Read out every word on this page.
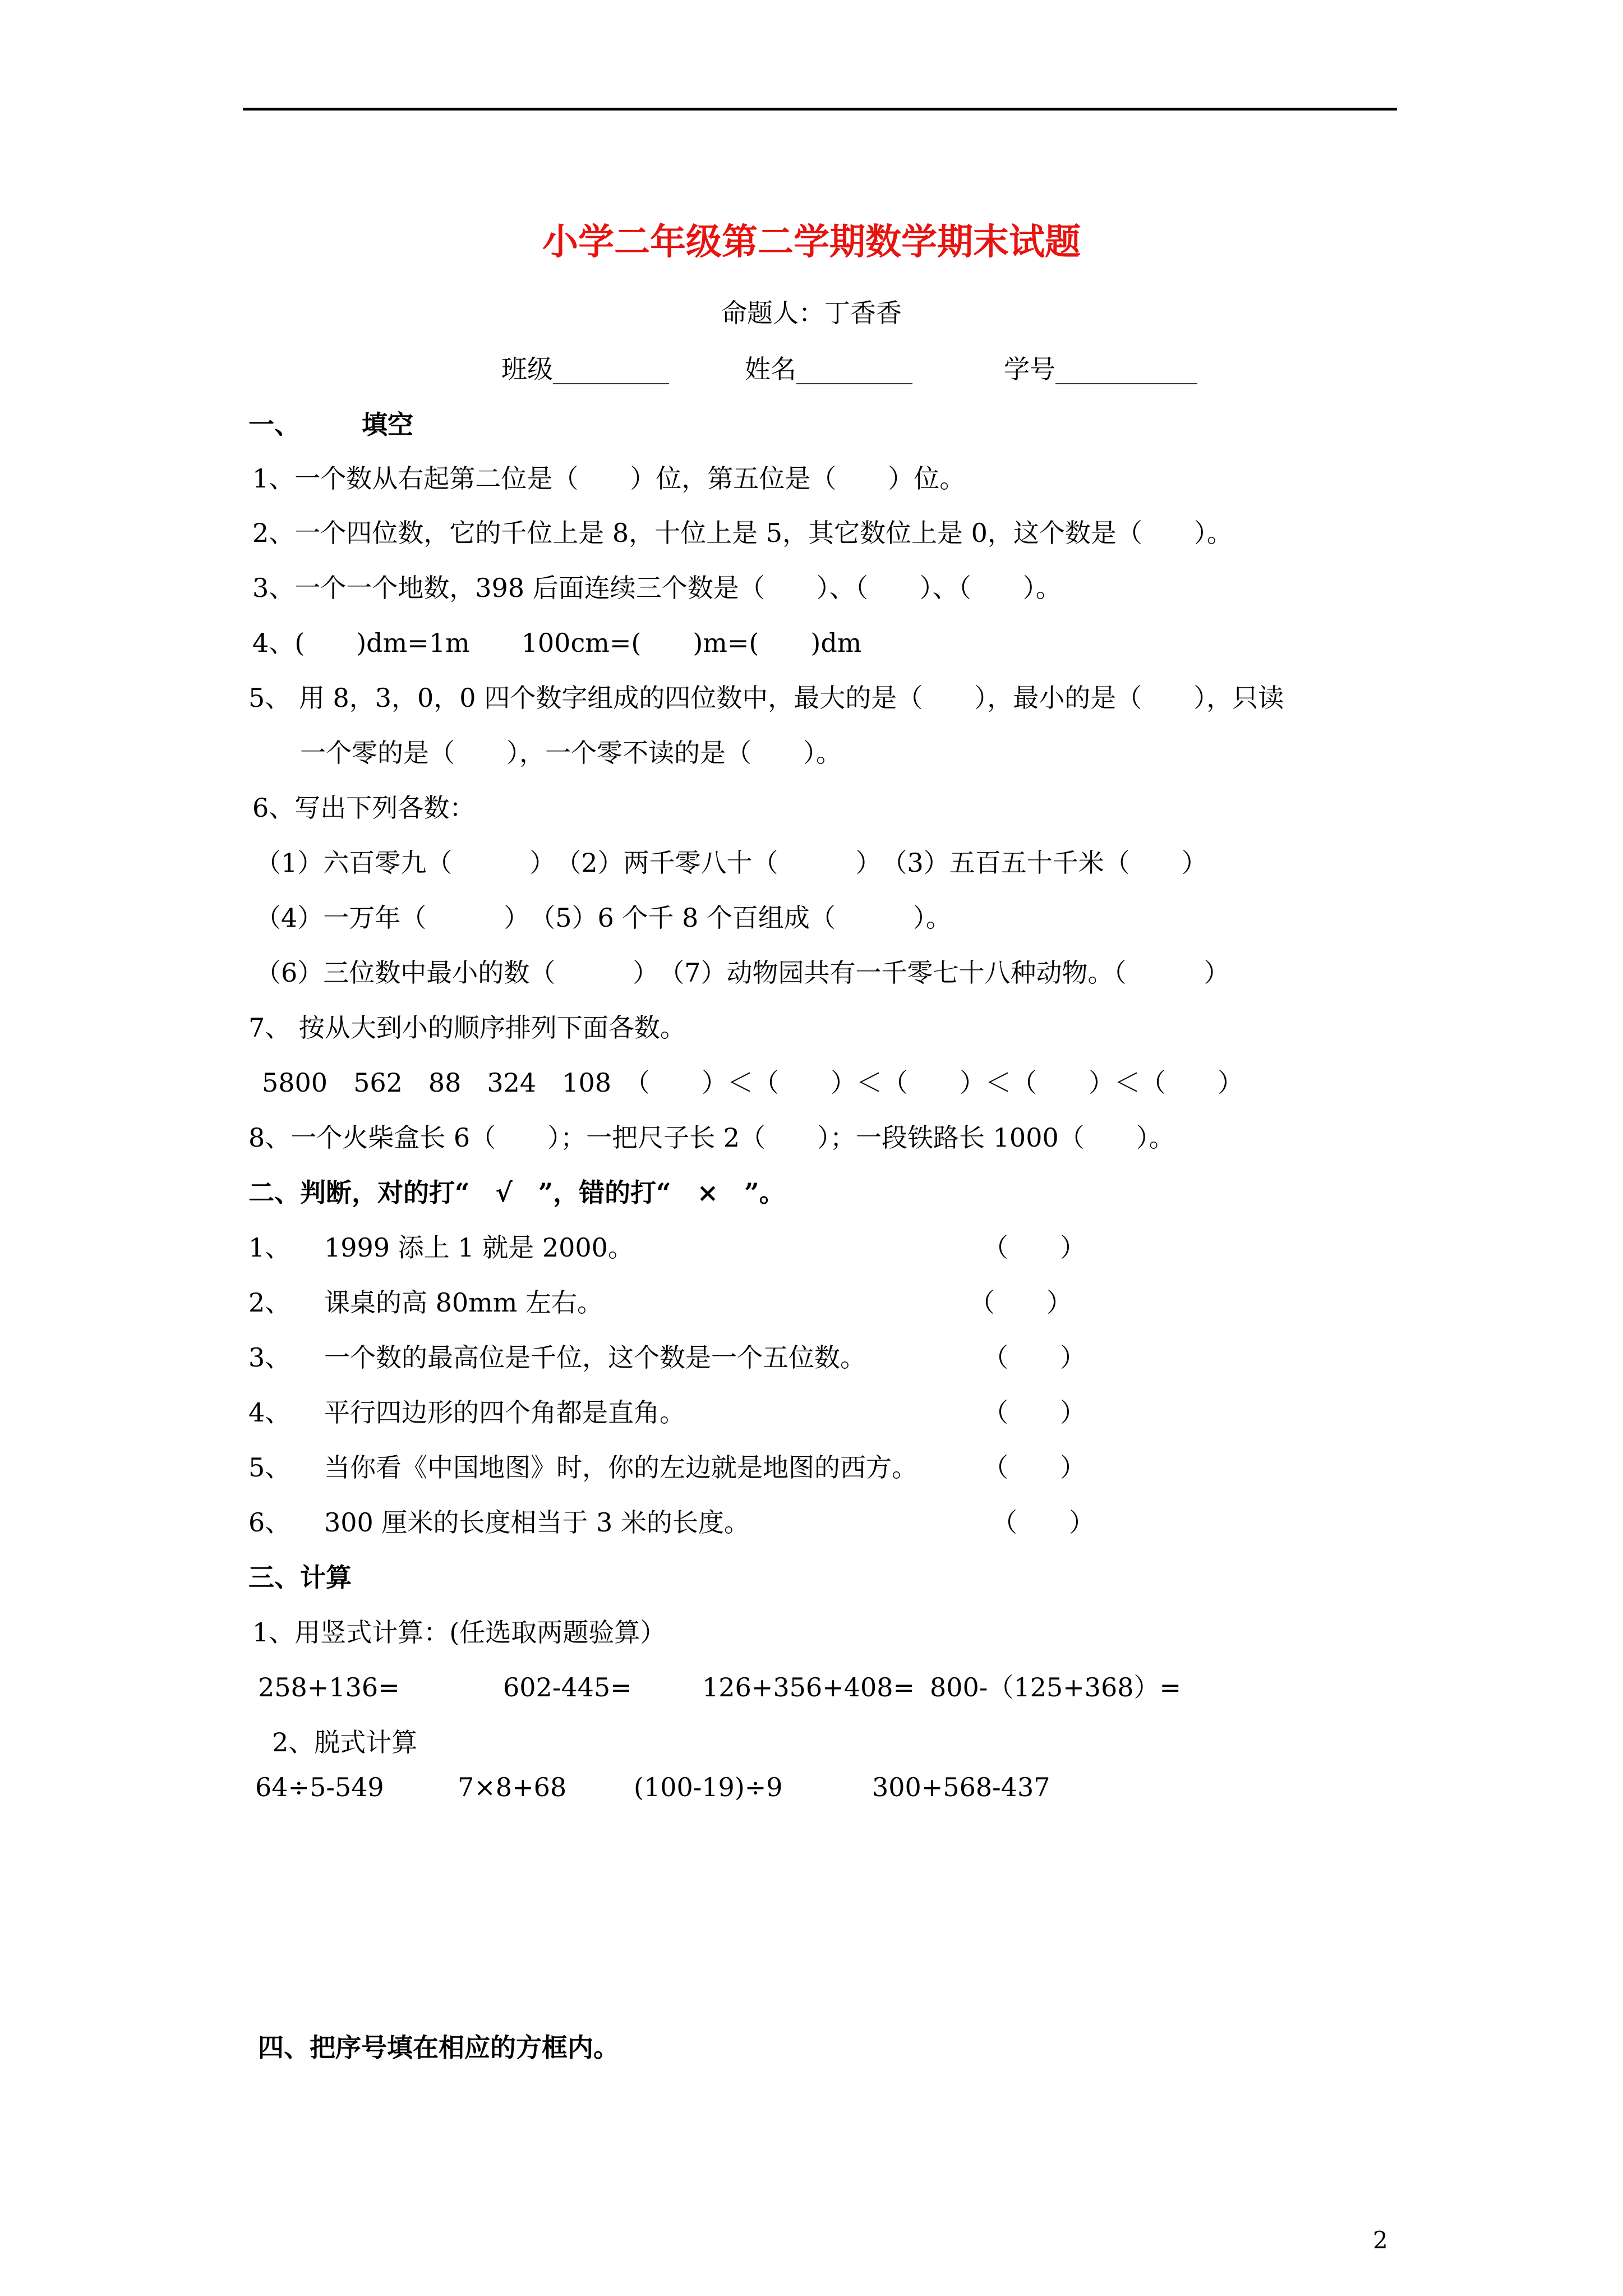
小学二年级第二学期数学期末试题
命题人：丁香香
班级_________	姓名_________	学号___________
一、 填空
1、一个数从右起第二位是（　　）位，第五位是（　　）位。
2、一个四位数，它的千位上是 8，十位上是 5，其它数位上是 0，这个数是（　　）。
3、一个一个地数，398 后面连续三个数是（　　）、（　　）、（　　）。
4、(　　)dm=1m　　100cm=(　　)m=(　　)dm
5、 用 8，3，0，0 四个数字组成的四位数中，最大的是（　　），最小的是（　　），只读
一个零的是（　　），一个零不读的是（　　）。
6、写出下列各数：
（1）六百零九（　　　）　（2）两千零八十（　　　）　（3）五百五十千米（　　）
（4）一万年（　　　）　（5）6 个千 8 个百组成（　　　）。
（6）三位数中最小的数（　　　）　（7）动物园共有一千零七十八种动物。（　　　）
7、 按从大到小的顺序排列下面各数。
5800　562　88　324　108　（　　）＜（　　）＜（　　）＜（　　）＜（　　）
8、一个火柴盒长 6（　　）；一把尺子长 2（　　）；一段铁路长 1000（　　）。
二、判断，对的打“　√　”，错的打“　×　”。
1、 1999 添上 1 就是 2000。	（　　）
2、 课桌的高 80mm 左右。	（　　）
3、 一个数的最高位是千位，这个数是一个五位数。	（　　）
4、 平行四边形的四个角都是直角。	（　　）
5、 当你看《中国地图》时，你的左边就是地图的西方。	（　　）
6、 300 厘米的长度相当于 3 米的长度。	（　　）
三、计算
1、用竖式计算：(任选取两题验算）
258+136=	602-445=	126+356+408= 800-（125+368）=
2、脱式计算
64÷5-549	7×8+68	(100-19)÷9	300+568-437
四、把序号填在相应的方框内。
2
